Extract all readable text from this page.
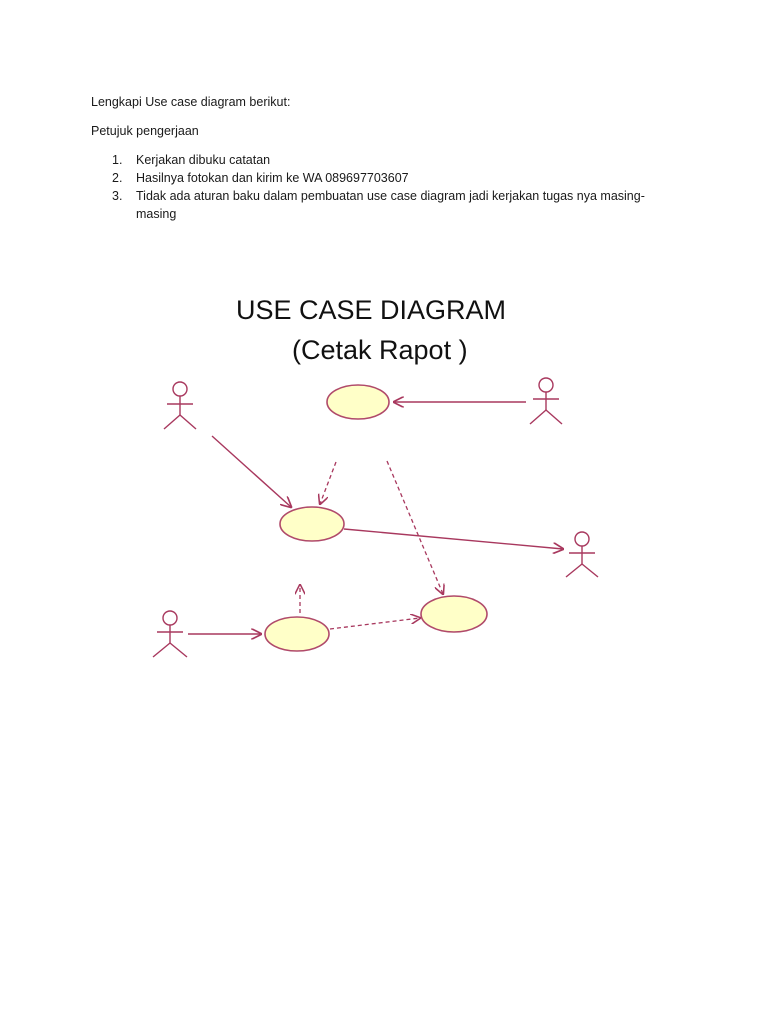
Lengkapi Use case diagram berikut:
Petujuk pengerjaan
1. Kerjakan dibuku catatan
2. Hasilnya fotokan dan kirim ke WA 089697703607
3. Tidak ada aturan baku dalam pembuatan use case diagram jadi kerjakan tugas nya masing-masing
USE CASE DIAGRAM
(Cetak Rapot )
